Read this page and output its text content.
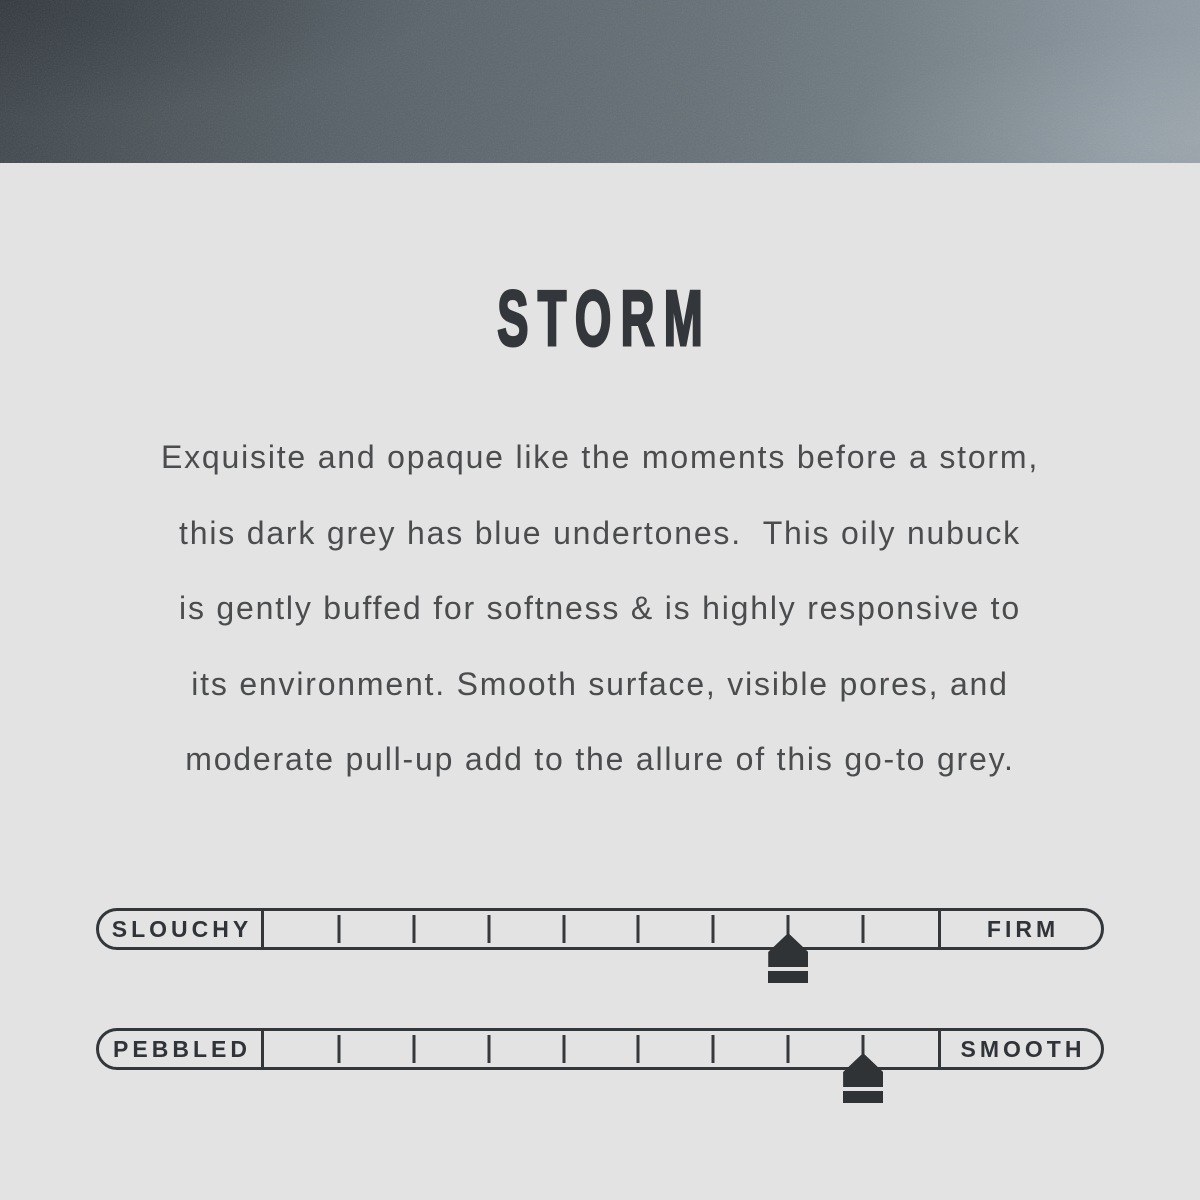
STORM
Exquisite and opaque like the moments before a storm,
this dark grey has blue undertones.  This oily nubuck
is gently buffed for softness & is highly responsive to
its environment. Smooth surface, visible pores, and
moderate pull-up add to the allure of this go-to grey.
SLOUCHY	FIRM
PEBBLED	SMOOTH
